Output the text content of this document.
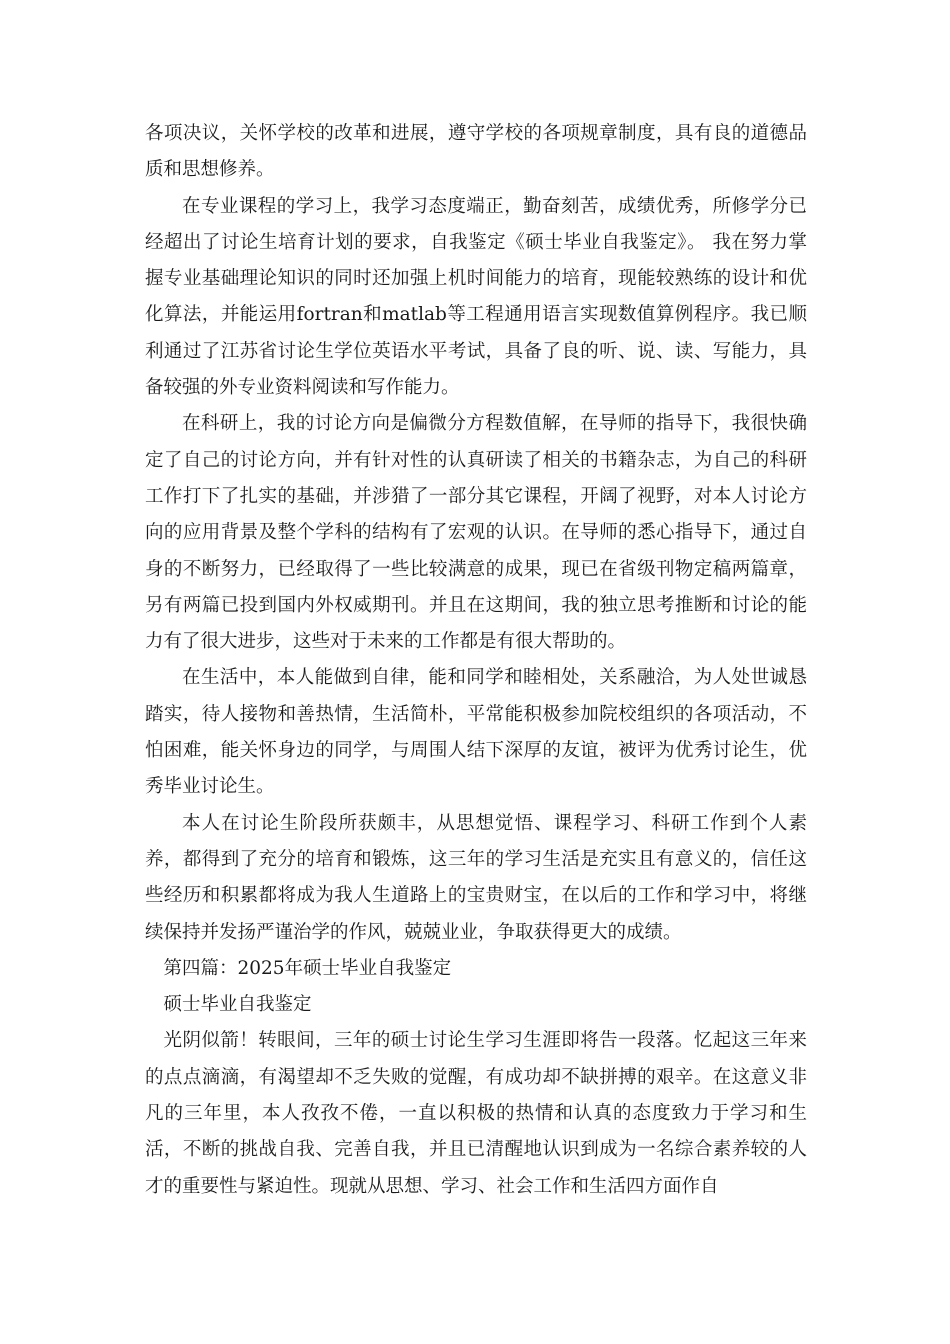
各项决议，关怀学校的改革和进展，遵守学校的各项规章制度，具有良的道德品质和思想修养。

在专业课程的学习上，我学习态度端正，勤奋刻苦，成绩优秀，所修学分已经超出了讨论生培育计划的要求，自我鉴定《硕士毕业自我鉴定》。 我在努力掌握专业基础理论知识的同时还加强上机时间能力的培育，现能较熟练的设计和优化算法，并能运用fortran和matlab等工程通用语言实现数值算例程序。我已顺利通过了江苏省讨论生学位英语水平考试，具备了良的听、说、读、写能力，具备较强的外专业资料阅读和写作能力。

在科研上，我的讨论方向是偏微分方程数值解，在导师的指导下，我很快确定了自己的讨论方向，并有针对性的认真研读了相关的书籍杂志，为自己的科研工作打下了扎实的基础，并涉猎了一部分其它课程，开阔了视野，对本人讨论方向的应用背景及整个学科的结构有了宏观的认识。在导师的悉心指导下，通过自身的不断努力，已经取得了一些比较满意的成果，现已在省级刊物定稿两篇章，另有两篇已投到国内外权威期刊。并且在这期间，我的独立思考推断和讨论的能力有了很大进步，这些对于未来的工作都是有很大帮助的。

在生活中，本人能做到自律，能和同学和睦相处，关系融洽，为人处世诚恳踏实，待人接物和善热情，生活简朴，平常能积极参加院校组织的各项活动，不怕困难，能关怀身边的同学，与周围人结下深厚的友谊，被评为优秀讨论生，优秀毕业讨论生。

本人在讨论生阶段所获颇丰，从思想觉悟、课程学习、科研工作到个人素养，都得到了充分的培育和锻炼，这三年的学习生活是充实且有意义的，信任这些经历和积累都将成为我人生道路上的宝贵财宝，在以后的工作和学习中，将继续保持并发扬严谨治学的作风，兢兢业业，争取获得更大的成绩。

第四篇：2025年硕士毕业自我鉴定

硕士毕业自我鉴定

光阴似箭！转眼间，三年的硕士讨论生学习生涯即将告一段落。忆起这三年来的点点滴滴，有渴望却不乏失败的觉醒，有成功却不缺拼搏的艰辛。在这意义非凡的三年里，本人孜孜不倦，一直以积极的热情和认真的态度致力于学习和生活，不断的挑战自我、完善自我，并且已清醒地认识到成为一名综合素养较的人才的重要性与紧迫性。现就从思想、学习、社会工作和生活四方面作自
